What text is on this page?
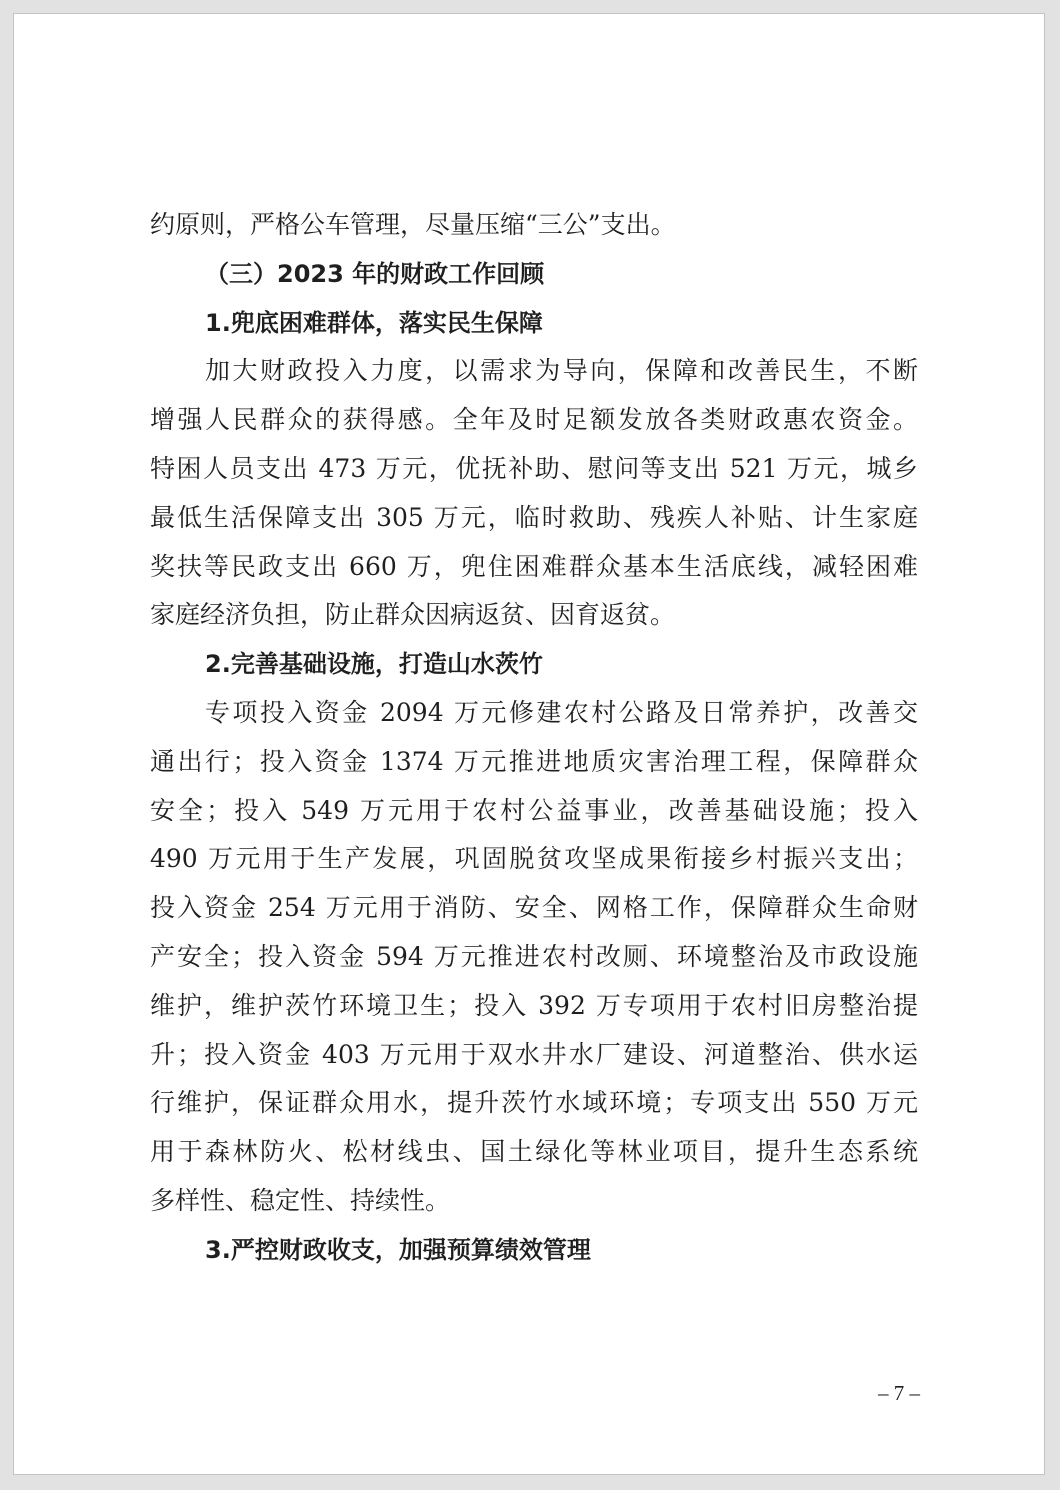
约原则，严格公车管理，尽量压缩“三公”支出。
（三）2023 年的财政工作回顾
1.兜底困难群体，落实民生保障
加大财政投入力度，以需求为导向，保障和改善民生，不断
增强人民群众的获得感。全年及时足额发放各类财政惠农资金。
特困人员支出 473 万元，优抚补助、慰问等支出 521 万元，城乡
最低生活保障支出 305 万元，临时救助、残疾人补贴、计生家庭
奖扶等民政支出 660 万，兜住困难群众基本生活底线，减轻困难
家庭经济负担，防止群众因病返贫、因育返贫。
2.完善基础设施，打造山水茨竹
专项投入资金 2094 万元修建农村公路及日常养护，改善交
通出行；投入资金 1374 万元推进地质灾害治理工程，保障群众
安全；投入 549 万元用于农村公益事业，改善基础设施；投入
490 万元用于生产发展，巩固脱贫攻坚成果衔接乡村振兴支出；
投入资金 254 万元用于消防、安全、网格工作，保障群众生命财
产安全；投入资金 594 万元推进农村改厕、环境整治及市政设施
维护，维护茨竹环境卫生；投入 392 万专项用于农村旧房整治提
升；投入资金 403 万元用于双水井水厂建设、河道整治、供水运
行维护，保证群众用水，提升茨竹水域环境；专项支出 550 万元
用于森林防火、松材线虫、国土绿化等林业项目，提升生态系统
多样性、稳定性、持续性。
3.严控财政收支，加强预算绩效管理
– 7 –
